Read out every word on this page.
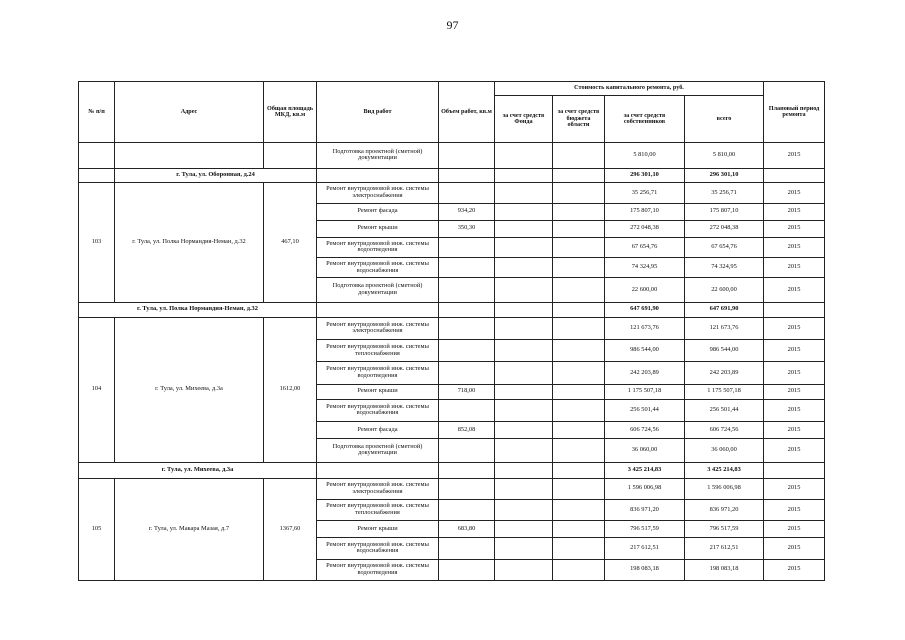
97
№ п/п	Адрес	Общая площадь МКД, кв.м	Вид работ	Объем работ, кв.м	Стоимость капитального ремонта, руб.				Плановый период ремонта
					за счет средств Фонда	за счет средств бюджета области	за счет средств собственников	всего	
			Подготовка проектной (сметной) документации				5 810,00	5 810,00	2015
	г. Тула, ул. Оборонная, д.24						296 301,10	296 301,10	
103	г. Тула, ул. Полка Нормандия-Неман, д.32	467,10	Ремонт внутридомовой инж. системы электроснабжения				35 256,71	35 256,71	2015
			Ремонт фасада	934,20			175 807,10	175 807,10	2015
			Ремонт крыши	350,30			272 048,38	272 048,38	2015
			Ремонт внутридомовой инж. системы водоотведения				67 654,76	67 654,76	2015
			Ремонт внутридомовой инж. системы водоснабжения				74 324,95	74 324,95	2015
			Подготовка проектной (сметной) документации				22 600,00	22 600,00	2015
г. Тула, ул. Полка Нормандия-Неман, д.32							647 691,90	647 691,90	
104	г. Тула, ул. Михеева, д.3а	1612,00	Ремонт внутридомовой инж. системы электроснабжения				121 673,76	121 673,76	2015
			Ремонт внутридомовой инж. системы теплоснабжения				986 544,00	986 544,00	2015
			Ремонт внутридомовой инж. системы водоотведения				242 203,89	242 203,89	2015
			Ремонт крыши	718,00			1 175 507,18	1 175 507,18	2015
			Ремонт внутридомовой инж. системы водоснабжения				256 501,44	256 501,44	2015
			Ремонт фасада	852,08			606 724,56	606 724,56	2015
			Подготовка проектной (сметной) документации				36 060,00	36 060,00	2015
г. Тула, ул. Михеева, д.3а							3 425 214,83	3 425 214,83	
105	г. Тула, ул. Макара Мазая, д.7	1367,60	Ремонт внутридомовой инж. системы электроснабжения				1 596 006,98	1 596 006,98	2015
			Ремонт внутридомовой инж. системы теплоснабжения				836 971,20	836 971,20	2015
			Ремонт крыши	683,80			796 517,59	796 517,59	2015
			Ремонт внутридомовой инж. системы водоснабжения				217 612,51	217 612,51	2015
			Ремонт внутридомовой инж. системы водоотведения				198 083,18	198 083,18	2015
